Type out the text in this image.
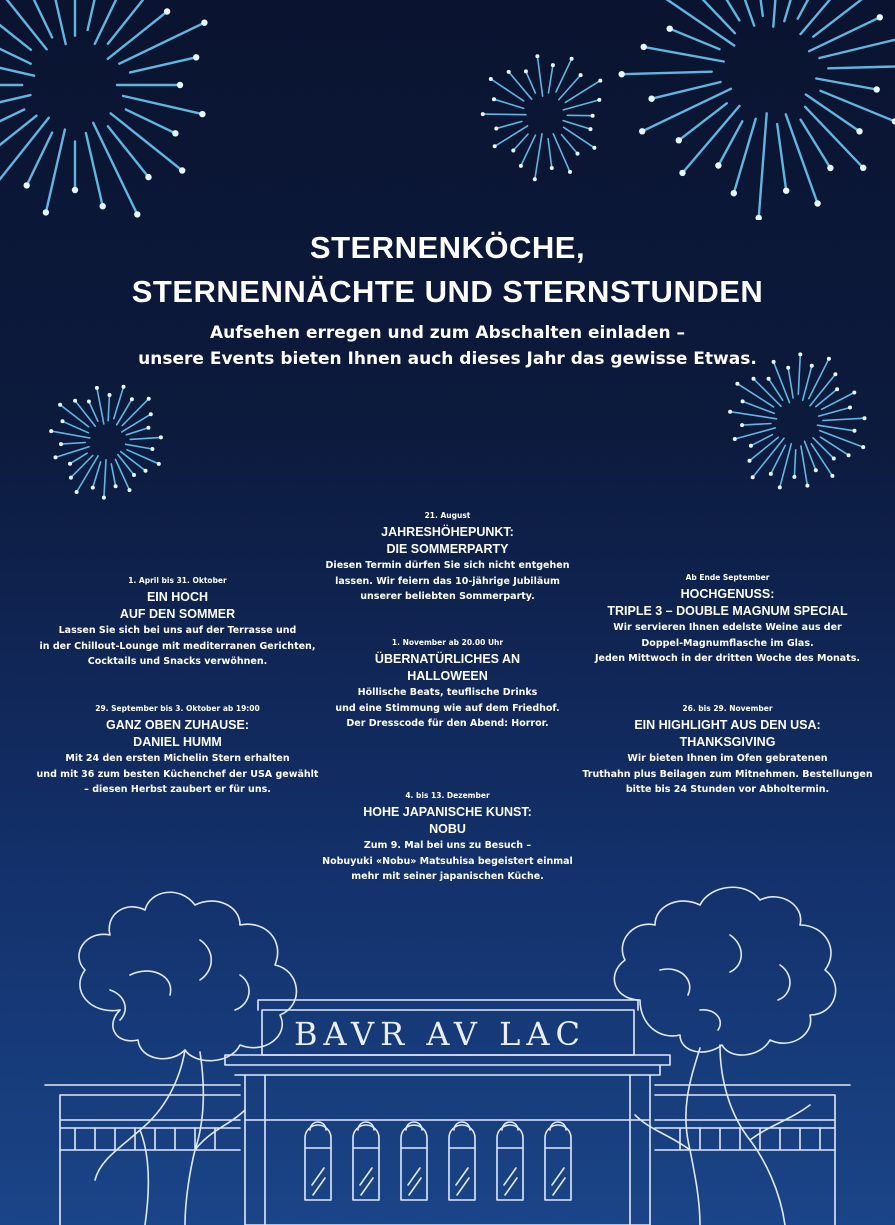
STERNENKÖCHE,
STERNENNÄCHTE UND STERNSTUNDEN
Aufsehen erregen und zum Abschalten einladen –
unsere Events bieten Ihnen auch dieses Jahr das gewisse Etwas.
21. August
JAHRESHÖHEPUNKT:
DIE SOMMERPARTY
Diesen Termin dürfen Sie sich nicht entgehen
lassen. Wir feiern das 10-jährige Jubiläum
unserer beliebten Sommerparty.
1. April bis 31. Oktober
EIN HOCH
AUF DEN SOMMER
Lassen Sie sich bei uns auf der Terrasse und
in der Chillout-Lounge mit mediterranen Gerichten,
Cocktails und Snacks verwöhnen.
Ab Ende September
HOCHGENUSS:
TRIPLE 3 – DOUBLE MAGNUM SPECIAL
Wir servieren Ihnen edelste Weine aus der
Doppel-Magnumflasche im Glas.
Jeden Mittwoch in der dritten Woche des Monats.
1. November ab 20.00 Uhr
ÜBERNATÜRLICHES AN
HALLOWEEN
Höllische Beats, teuflische Drinks
und eine Stimmung wie auf dem Friedhof.
Der Dresscode für den Abend: Horror.
29. September bis 3. Oktober ab 19:00
GANZ OBEN ZUHAUSE:
DANIEL HUMM
Mit 24 den ersten Michelin Stern erhalten
und mit 36 zum besten Küchenchef der USA gewählt
– diesen Herbst zaubert er für uns.
26. bis 29. November
EIN HIGHLIGHT AUS DEN USA:
THANKSGIVING
Wir bieten Ihnen im Ofen gebratenen
Truthahn plus Beilagen zum Mitnehmen. Bestellungen
bitte bis 24 Stunden vor Abholtermin.
4. bis 13. Dezember
HOHE JAPANISCHE KUNST:
NOBU
Zum 9. Mal bei uns zu Besuch –
Nobuyuki «Nobu» Matsuhisa begeistert einmal
mehr mit seiner japanischen Küche.
BAVR AV LAC
